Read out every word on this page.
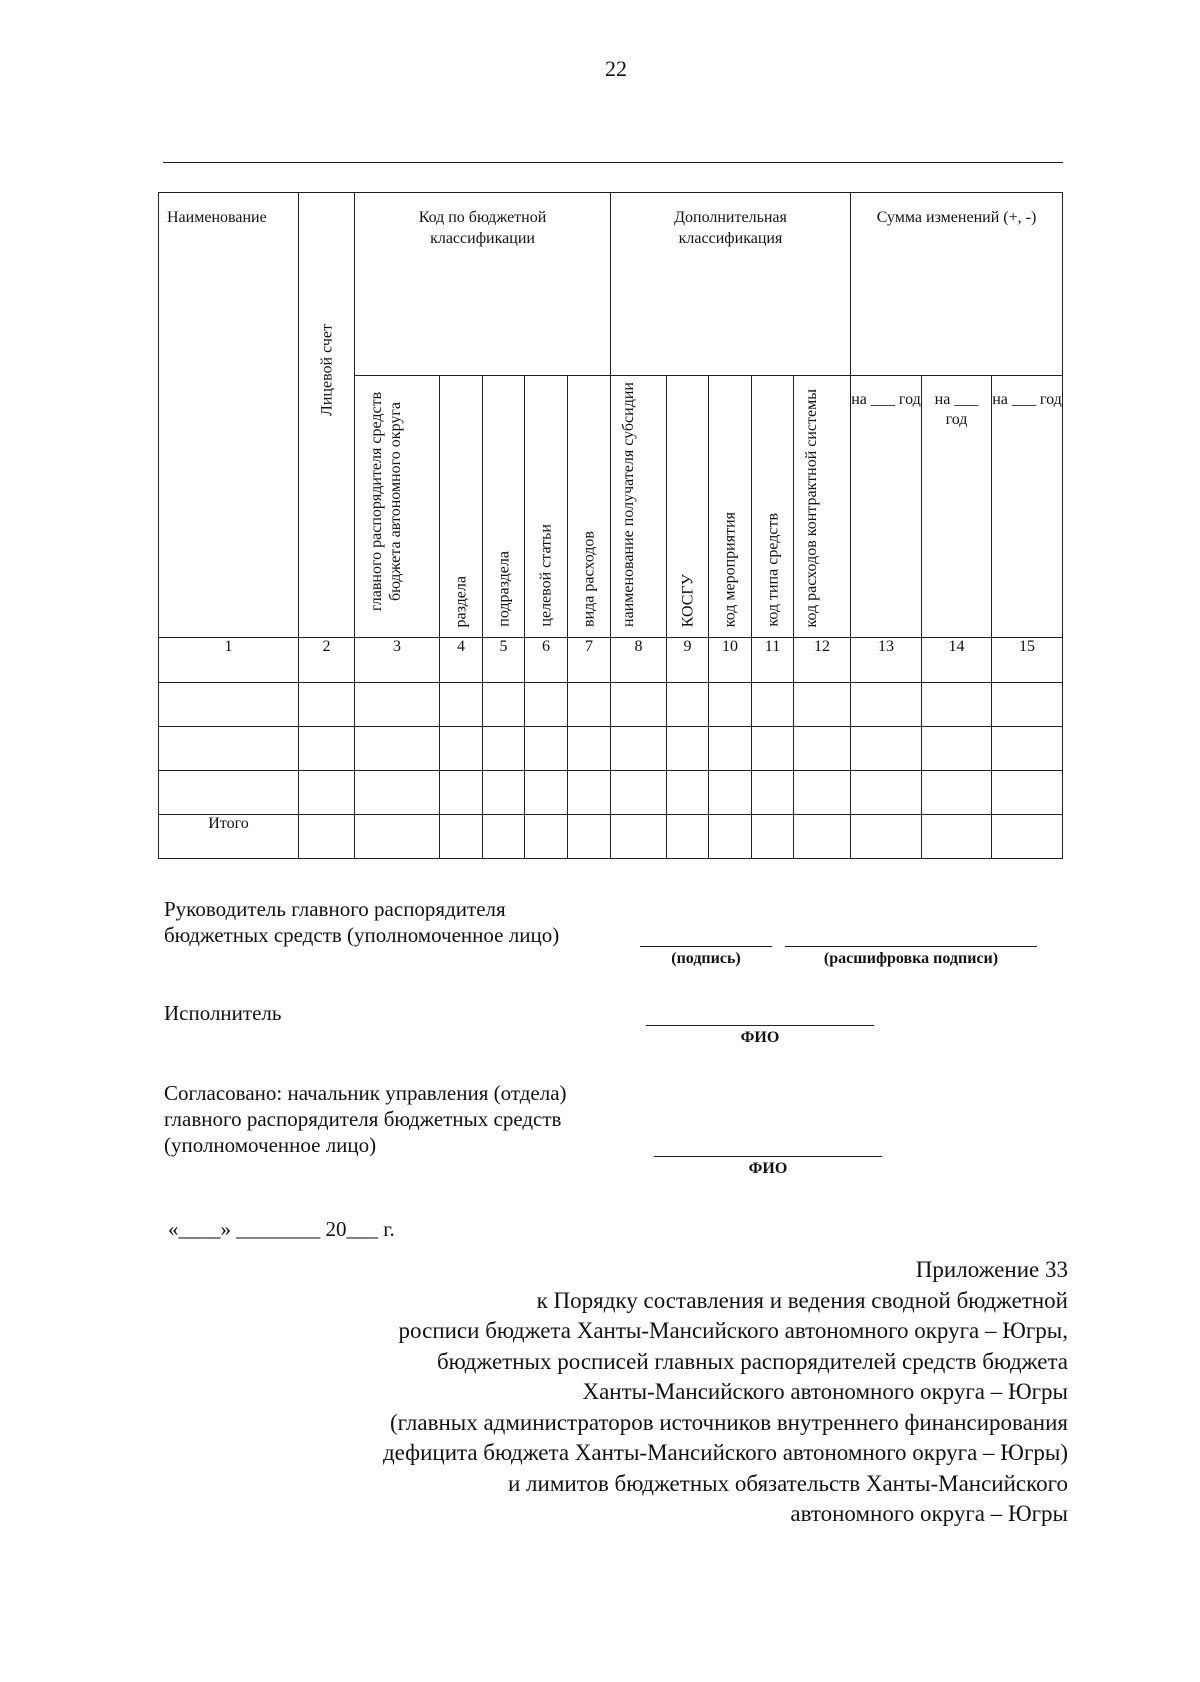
22
Наименование	Лицевой счет	Код по бюджетной классификации					Дополнительная классификация					Сумма изменений (+, -)		

		главного распорядителя средств бюджета автономного округа	раздела	подраздела	целевой статьи	вида расходов	наименование получателя субсидии	КОСГУ	код мероприятия	код типа средств	код расходов контрактной системы	на ___ год	на ___ год	на ___ год
1	2	3	4	5	6	7	8	9	10	11	12	13	14	15

Итого														
Руководитель главного распорядителя
бюджетных средств (уполномоченное лицо)
(подпись)	(расшифровка подписи)
Исполнитель
ФИО
Согласовано: начальник управления (отдела)
главного распорядителя бюджетных средств
(уполномоченное лицо)
ФИО
«____» ________ 20___ г.
Приложение 33
к Порядку составления и ведения сводной бюджетной
росписи бюджета Ханты-Мансийского автономного округа – Югры,
бюджетных росписей главных распорядителей средств бюджета
Ханты-Мансийского автономного округа – Югры
(главных администраторов источников внутреннего финансирования
дефицита бюджета Ханты-Мансийского автономного округа – Югры)
и лимитов бюджетных обязательств Ханты-Мансийского
автономного округа – Югры
